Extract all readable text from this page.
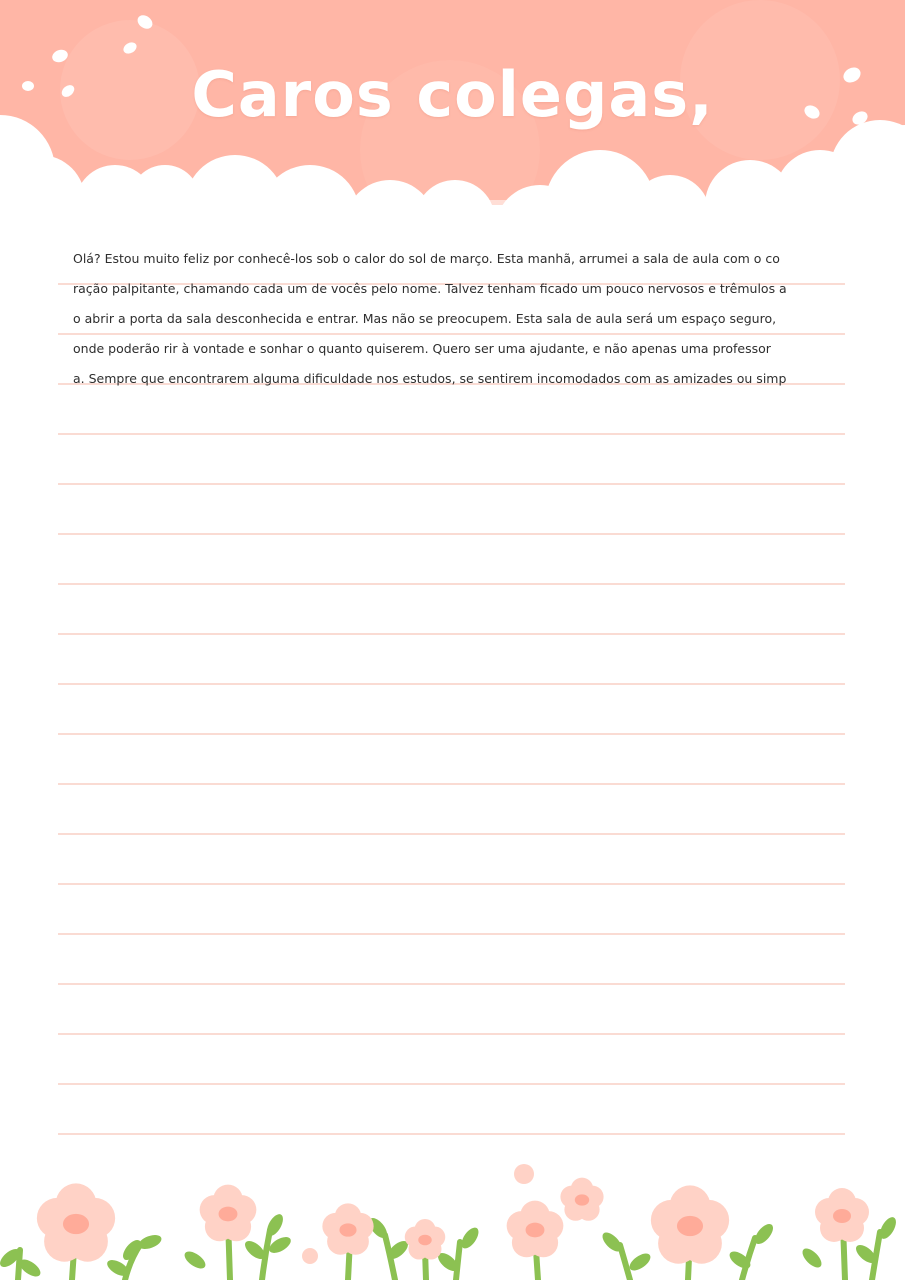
Caros colegas,
Olá? Estou muito feliz por conhecê-los sob o calor do sol de março. Esta manhã, arrumei a sala de aula com o co
ração palpitante, chamando cada um de vocês pelo nome. Talvez tenham ficado um pouco nervosos e trêmulos a
o abrir a porta da sala desconhecida e entrar. Mas não se preocupem. Esta sala de aula será um espaço seguro,
onde poderão rir à vontade e sonhar o quanto quiserem. Quero ser uma ajudante, e não apenas uma professor
a. Sempre que encontrarem alguma dificuldade nos estudos, se sentirem incomodados com as amizades ou simp
